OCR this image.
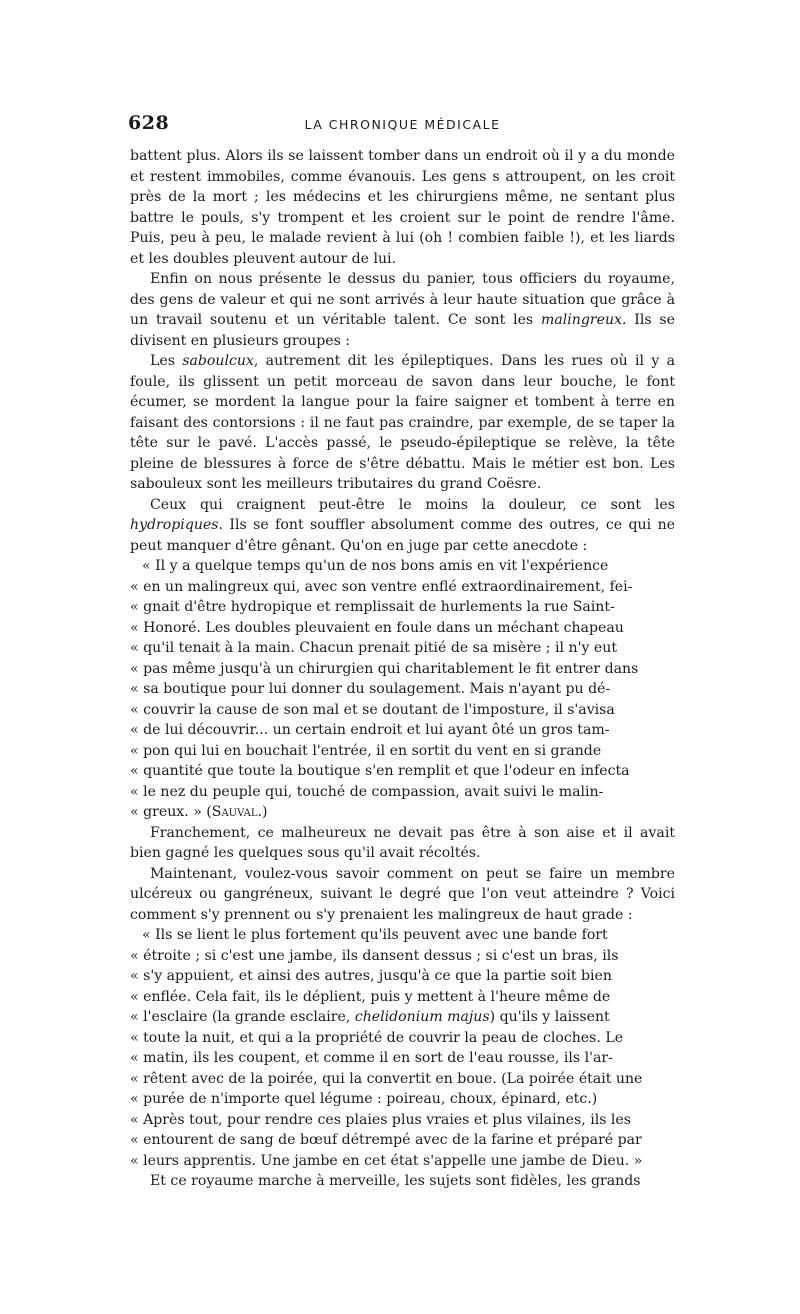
628	LA CHRONIQUE MÉDICALE

battent plus. Alors ils se laissent tomber dans un endroit où il y a du monde et restent immobiles, comme évanouis. Les gens s attroupent, on les croit près de la mort ; les médecins et les chirurgiens même, ne sentant plus battre le pouls, s'y trompent et les croient sur le point de rendre l'âme. Puis, peu à peu, le malade revient à lui (oh ! combien faible !), et les liards et les doubles pleuvent autour de lui.

Enfin on nous présente le dessus du panier, tous officiers du royaume, des gens de valeur et qui ne sont arrivés à leur haute situation que grâce à un travail soutenu et un véritable talent. Ce sont les malingreux. Ils se divisent en plusieurs groupes :

Les saboulcux, autrement dit les épileptiques. Dans les rues où il y a foule, ils glissent un petit morceau de savon dans leur bouche, le font écumer, se mordent la langue pour la faire saigner et tombent à terre en faisant des contorsions : il ne faut pas craindre, par exemple, de se taper la tête sur le pavé. L'accès passé, le pseudo-épileptique se relève, la tête pleine de blessures à force de s'être débattu. Mais le métier est bon. Les sabouleux sont les meilleurs tributaires du grand Coësre.

Ceux qui craignent peut-être le moins la douleur, ce sont les hydropiques. Ils se font souffler absolument comme des outres, ce qui ne peut manquer d'être gênant. Qu'on en juge par cette anecdote :

« Il y a quelque temps qu'un de nos bons amis en vit l'expérience

« en un malingreux qui, avec son ventre enflé extraordinairement, fei-

« gnait d'être hydropique et remplissait de hurlements la rue Saint-

« Honoré. Les doubles pleuvaient en foule dans un méchant chapeau

« qu'il tenait à la main. Chacun prenait pitié de sa misère ; il n'y eut

« pas même jusqu'à un chirurgien qui charitablement le fit entrer dans

« sa boutique pour lui donner du soulagement. Mais n'ayant pu dé-

« couvrir la cause de son mal et se doutant de l'imposture, il s'avisa

« de lui découvrir... un certain endroit et lui ayant ôté un gros tam-

« pon qui lui en bouchait l'entrée, il en sortit du vent en si grande

« quantité que toute la boutique s'en remplit et que l'odeur en infecta

« le nez du peuple qui, touché de compassion, avait suivi le malin-

« greux. » (Sauval.)

Franchement, ce malheureux ne devait pas être à son aise et il avait bien gagné les quelques sous qu'il avait récoltés.

Maintenant, voulez-vous savoir comment on peut se faire un membre ulcéreux ou gangréneux, suivant le degré que l'on veut atteindre ? Voici comment s'y prennent ou s'y prenaient les malingreux de haut grade :

« Ils se lient le plus fortement qu'ils peuvent avec une bande fort

« étroite ; si c'est une jambe, ils dansent dessus ; si c'est un bras, ils

« s'y appuient, et ainsi des autres, jusqu'à ce que la partie soit bien

« enflée. Cela fait, ils le déplient, puis y mettent à l'heure même de

« l'esclaire (la grande esclaire, chelidonium majus) qu'ils y laissent

« toute la nuit, et qui a la propriété de couvrir la peau de cloches. Le

« matin, ils les coupent, et comme il en sort de l'eau rousse, ils l'ar-

« rêtent avec de la poirée, qui la convertit en boue. (La poirée était une

« purée de n'importe quel légume : poireau, choux, épinard, etc.)

« Après tout, pour rendre ces plaies plus vraies et plus vilaines, ils les

« entourent de sang de bœuf détrempé avec de la farine et préparé par

« leurs apprentis. Une jambe en cet état s'appelle une jambe de Dieu. »

Et ce royaume marche à merveille, les sujets sont fidèles, les grands
